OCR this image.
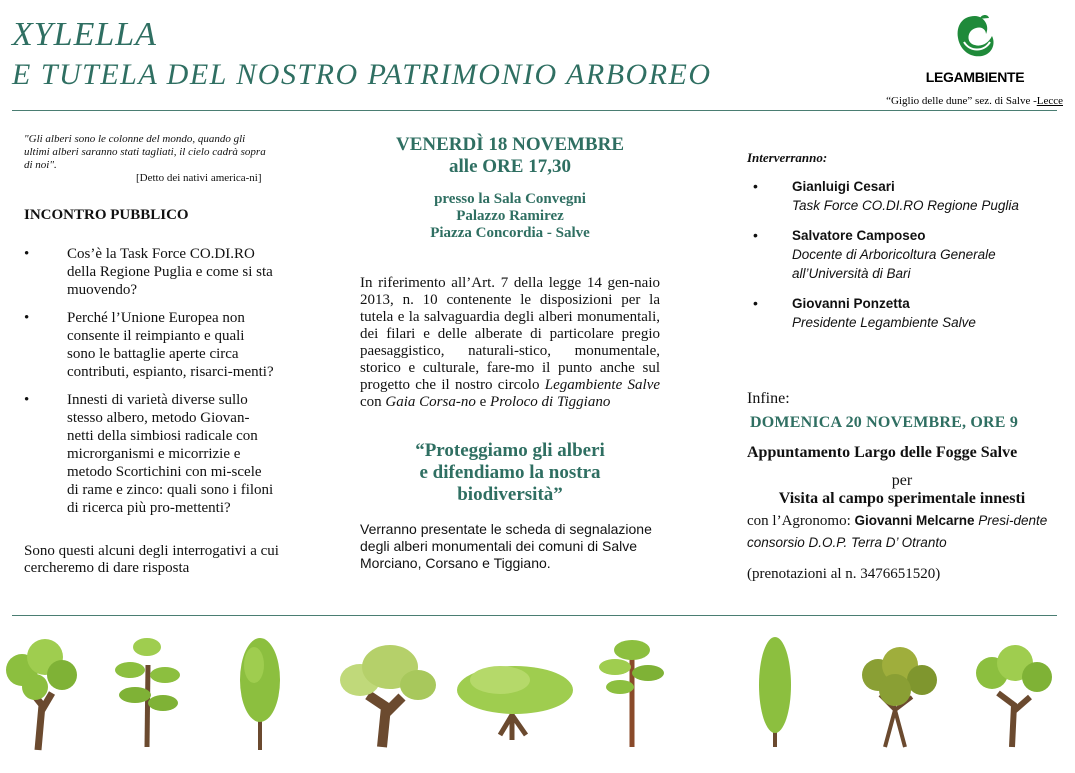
XYLELLA
E TUTELA DEL NOSTRO PATRIMONIO ARBOREO	LEGAMBIENTE
“Giglio delle dune” sez. di Salve -Lecce
"Gli alberi sono le colonne del mondo, quando gli ultimi alberi saranno stati tagliati, il cielo cadrà sopra di noi".
[Detto dei nativi america-ni]
INCONTRO PUBBLICO
• Cos’è la Task Force CO.DI.RO della Regione Puglia e come si sta muovendo?
• Perché l’Unione Europea non consente il reimpianto e quali sono le battaglie aperte circa contributi, espianto, risarci-menti?
• Innesti di varietà diverse sullo stesso albero, metodo Giovan-netti della simbiosi radicale con microrganismi e micorrizie e metodo Scortichini con mi-scele di rame e zinco: quali sono i filoni di ricerca più pro-mettenti?
Sono questi alcuni degli interrogativi a cui cercheremo di dare risposta
VENERDÌ 18 NOVEMBRE
alle ORE 17,30
presso la Sala Convegni
Palazzo Ramirez
Piazza Concordia - Salve
In riferimento all’Art. 7 della legge 14 gen-naio 2013, n. 10 contenente le disposizioni per la tutela e la salvaguardia degli alberi monumentali, dei filari e delle alberate di particolare pregio paesaggistico, naturali-stico, monumentale, storico e culturale, fare-mo il punto anche sul progetto che il nostro circolo Legambiente Salve con Gaia Corsa-no e Proloco di Tiggiano
“Proteggiamo gli alberi
e difendiamo la nostra
biodiversità”
Verranno presentate le scheda di segnalazione degli alberi monumentali dei comuni di Salve Morciano, Corsano e Tiggiano.
Interverranno:
• Gianluigi Cesari
Task Force CO.DI.RO Regione Puglia
• Salvatore Camposeo
Docente di Arboricoltura Generale all’Università di Bari
• Giovanni Ponzetta
Presidente Legambiente Salve
Infine:
DOMENICA 20 NOVEMBRE, ORE 9
Appuntamento Largo delle Fogge Salve
per
Visita al campo sperimentale innesti
con l’Agronomo: Giovanni Melcarne Presi-dente consorsio D.O.P. Terra D’ Otranto
(prenotazioni al n. 3476651520)
